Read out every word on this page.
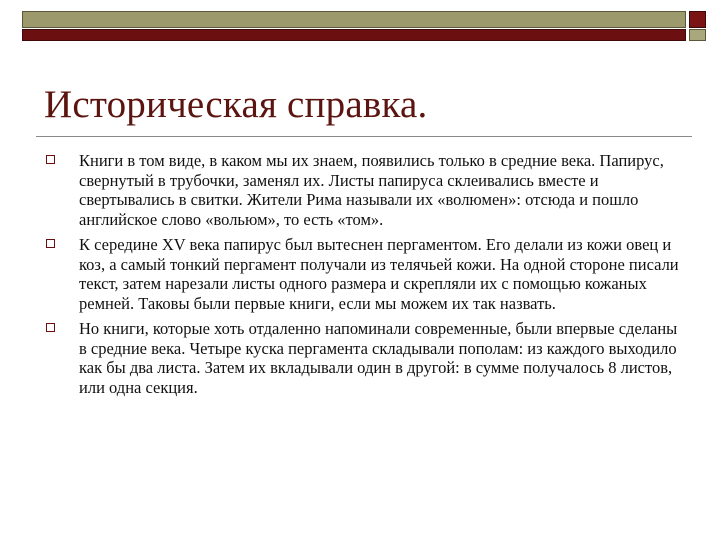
Историческая справка.
Книги в том виде, в каком мы их знаем, появились только в средние века. Папирус, свернутый в трубочки, заменял их. Листы папируса склеивались вместе и свертывались в свитки. Жители Рима называли их «волюмен»: отсюда и пошло английское слово «вольюм», то есть «том».
К середине XV века папирус был вытеснен пергаментом. Его делали из кожи овец и коз, а самый тонкий пергамент получали из телячьей кожи. На одной стороне писали текст, затем нарезали листы одного размера и скрепляли их с помощью кожаных ремней. Таковы были первые книги, если мы можем их так назвать.
Но книги, которые хоть отдаленно напоминали современные, были впервые сделаны в средние века. Четыре куска пергамента складывали пополам: из каждого выходило как бы два листа. Затем их вкладывали один в другой: в сумме получалось 8 листов, или одна секция.
